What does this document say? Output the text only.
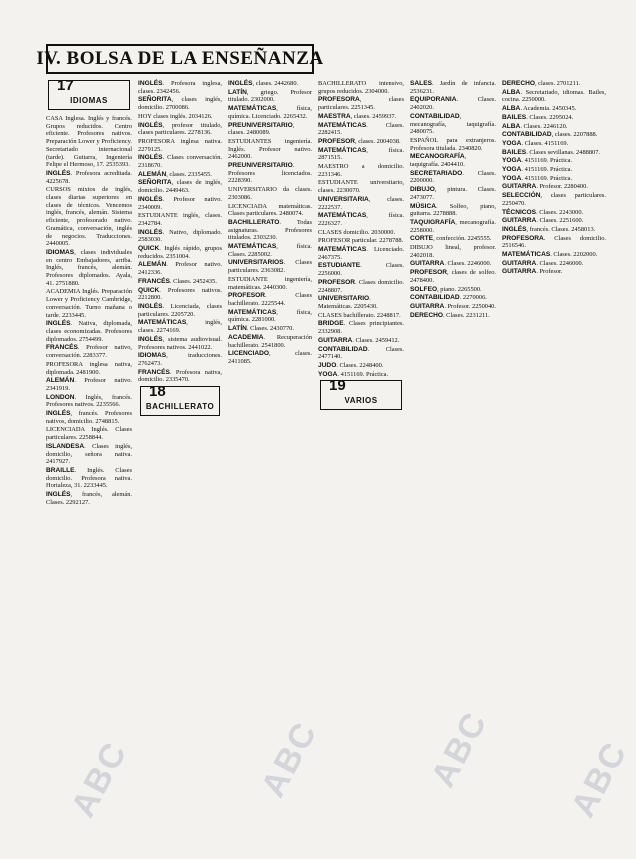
IV. BOLSA DE LA ENSEÑANZA
17
IDIOMAS

CASA Inglesa. Inglés y francés. Grupos reducidos. Centro eficiente. Profesores nativos. Preparación Lower y Proficiency. Secretariado internacional (tarde). Guitarra, Ingeniería Felipe el Hermoso, 17. 2535393.

INGLÉS. Profesora acreditada. 4225678.

CURSOS mixtos de inglés, clases diarias superiores en clases de técnicos. Vencemos inglés, francés, alemán. Sistema eficiente, profesorado nativo. Gramática, conversación, inglés de negocios. Traducciones. 2440005.

IDIOMAS, clases individuales en centro Embajadores, arriba. Inglés, francés, alemán. Profesores diplomados. Ayala, 41. 2751880.

ACADEMIA Inglés. Preparación Lower y Proficiency Cambridge, conversación. Turno mañana o tarde. 2233445.

INGLÉS. Nativa, diplomada, clases economizadas. Profesores diplomados. 2754499.

FRANCÉS. Profesor nativo, conversación. 2283377.

PROFESORA inglesa nativa, diplomada. 2481900.

ALEMÁN. Profesor nativo. 2341919.

LONDON. Inglés, francés. Profesores nativos. 2235566.

INGLÉS, francés. Profesores nativos, domicilio. 2748815.

LICENCIADA Inglés. Clases particulares. 2258844.

ISLANDESA. Clases inglés, domicilio, señora nativa. 2417927.

BRAILLE. Inglés. Clases domicilio. Profesora nativa. Hortaleza, 31. 2233445.

INGLÉS, francés, alemán. Clases. 2292127.

INGLÉS. Profesora inglesa, clases. 2342456.

SEÑORITA, clases inglés, domicilio. 2700086.

HOY clases inglés. 2034126.

INGLÉS, profesor titulado, clases particulares. 2278136.

PROFESORA inglesa nativa. 2279125.

INGLÉS. Clases conversación. 2318670.

ALEMÁN, clases. 2335455.

SEÑORITA, clases de inglés, domicilio. 2449463.

INGLÉS. Profesor nativo. 2340009.

ESTUDIANTE inglés, clases. 2342784.

INGLÉS. Nativo, diplomado. 2583030.

QUICK. Inglés rápido, grupos reducidos. 2351004.

ALEMÁN. Profesor nativo. 2412336.

FRANCÉS. Clases. 2452435.

QUICK. Profesores nativos. 2212800.

INGLÉS. Licenciada, clases particulares. 2205720.

MATEMÁTICAS, inglés, clases. 2274169.

INGLÉS, sistema audiovisual. Profesores nativos. 2441022.

IDIOMAS, traducciones. 2762473.

FRANCÉS. Profesora nativa, domicilio. 2335470.

18
BACHILLERATO

INGLÉS, clases. 2442680.

LATÍN, griego. Profesor titulado. 2302000.

MATEMÁTICAS, física, química. Licenciado. 2265432.

PREUNIVERSITARIO, clases. 2480089.

ESTUDIANTES ingeniería. Inglés. Profesor nativo. 2462000.

PREUNIVERSITARIO. Profesores licenciados. 2228390.

UNIVERSITARIO da clases. 2303086.

LICENCIADA matemáticas. Clases particulares. 2480074.

BACHILLERATO. Todas asignaturas. Profesores titulados. 2303230.

MATEMÁTICAS, física. Clases. 2285002.

UNIVERSITARIOS. Clases particulares. 2363082.

ESTUDIANTE ingeniería, matemáticas. 2440300.

PROFESOR. Clases bachillerato. 2225544.

MATEMÁTICAS, física, química. 2281000.

LATÍN. Clases. 2430770.

ACADEMIA. Recuperación bachillerato. 2541800.

LICENCIADO, clases. 2411085.

BACHILLERATO intensivo, grupos reducidos. 2304000.

PROFESORA, clases particulares. 2251345.

MAESTRA, clases. 2459937.

MATEMÁTICAS. Clases. 2282415.

PROFESOR, clases. 2004038.

MATEMÁTICAS, física. 2871515.

MAESTRO a domicilio. 2231346.

ESTUDIANTE universitario, clases. 2230070.

UNIVERSITARIA, clases. 2222537.

MATEMÁTICAS, física. 2226327.

CLASES domicilio. 2030000.

PROFESOR particular. 2278788.

MATEMÁTICAS. Licenciado. 2467375.

ESTUDIANTE. Clases. 2256000.

PROFESOR. Clases domicilio. 2248807.

UNIVERSITARIO. Matemáticas. 2205430.

CLASES bachillerato. 2248817.

BRIDGE. Clases principiantes. 2332908.

GUITARRA. Clases. 2459412.

CONTABILIDAD. Clases. 2477140.

JUDO. Clases. 2248400.

YOGA. 4151169. Práctica.

19
VARIOS

SALES. Jardín de infancia. 2536231.

EQUIPORANIA. Clases. 2402020.

CONTABILIDAD, mecanografía, taquigrafía. 2480075.

ESPAÑOL para extranjeros. Profesora titulada. 2340820.

MECANOGRAFÍA, taquigrafía. 2404410.

SECRETARIADO. Clases. 2200000.

DIBUJO, pintura. Clases. 2473077.

MÚSICA. Solfeo, piano, guitarra. 2278888.

TAQUIGRAFÍA, mecanografía. 2258000.

CORTE, confección. 2245555.

DIBUJO lineal, profesor. 2402018.

GUITARRA. Clases. 2246000.

PROFESOR, clases de solfeo. 2478400.

SOLFEO, piano. 2265500.

CONTABILIDAD. 2270006.

GUITARRA. Profesor. 2250040.

DERECHO. Clases. 2231211.

DERECHO, clases. 2701211.

ALBA. Secretariado, idiomas. Bailes, cocina. 2250000.

ALBA. Academia. 2450345.

BAILES. Clases. 2295024.

ALBA. Clases. 2246120.

CONTABILIDAD, clases. 2207888.

YOGA. Clases. 4151169.

BAILES. Clases sevillanas. 2488807.

YOGA. 4151169. Práctica.

YOGA. 4151169. Práctica.

YOGA. 4151169. Práctica.

GUITARRA. Profesor. 2280400.

SELECCIÓN, clases particulares. 2250470.

TÉCNICOS. Clases. 2243000.

GUITARRA. Clases. 2251600.

INGLÉS, francés. Clases. 2458013.

PROFESORA. Clases domicilio. 2516546.

MATEMÁTICAS. Clases. 2202000.

GUITARRA. Clases. 2246000.

GUITARRA. Profesor.

ABC	ABC	ABC ABC
